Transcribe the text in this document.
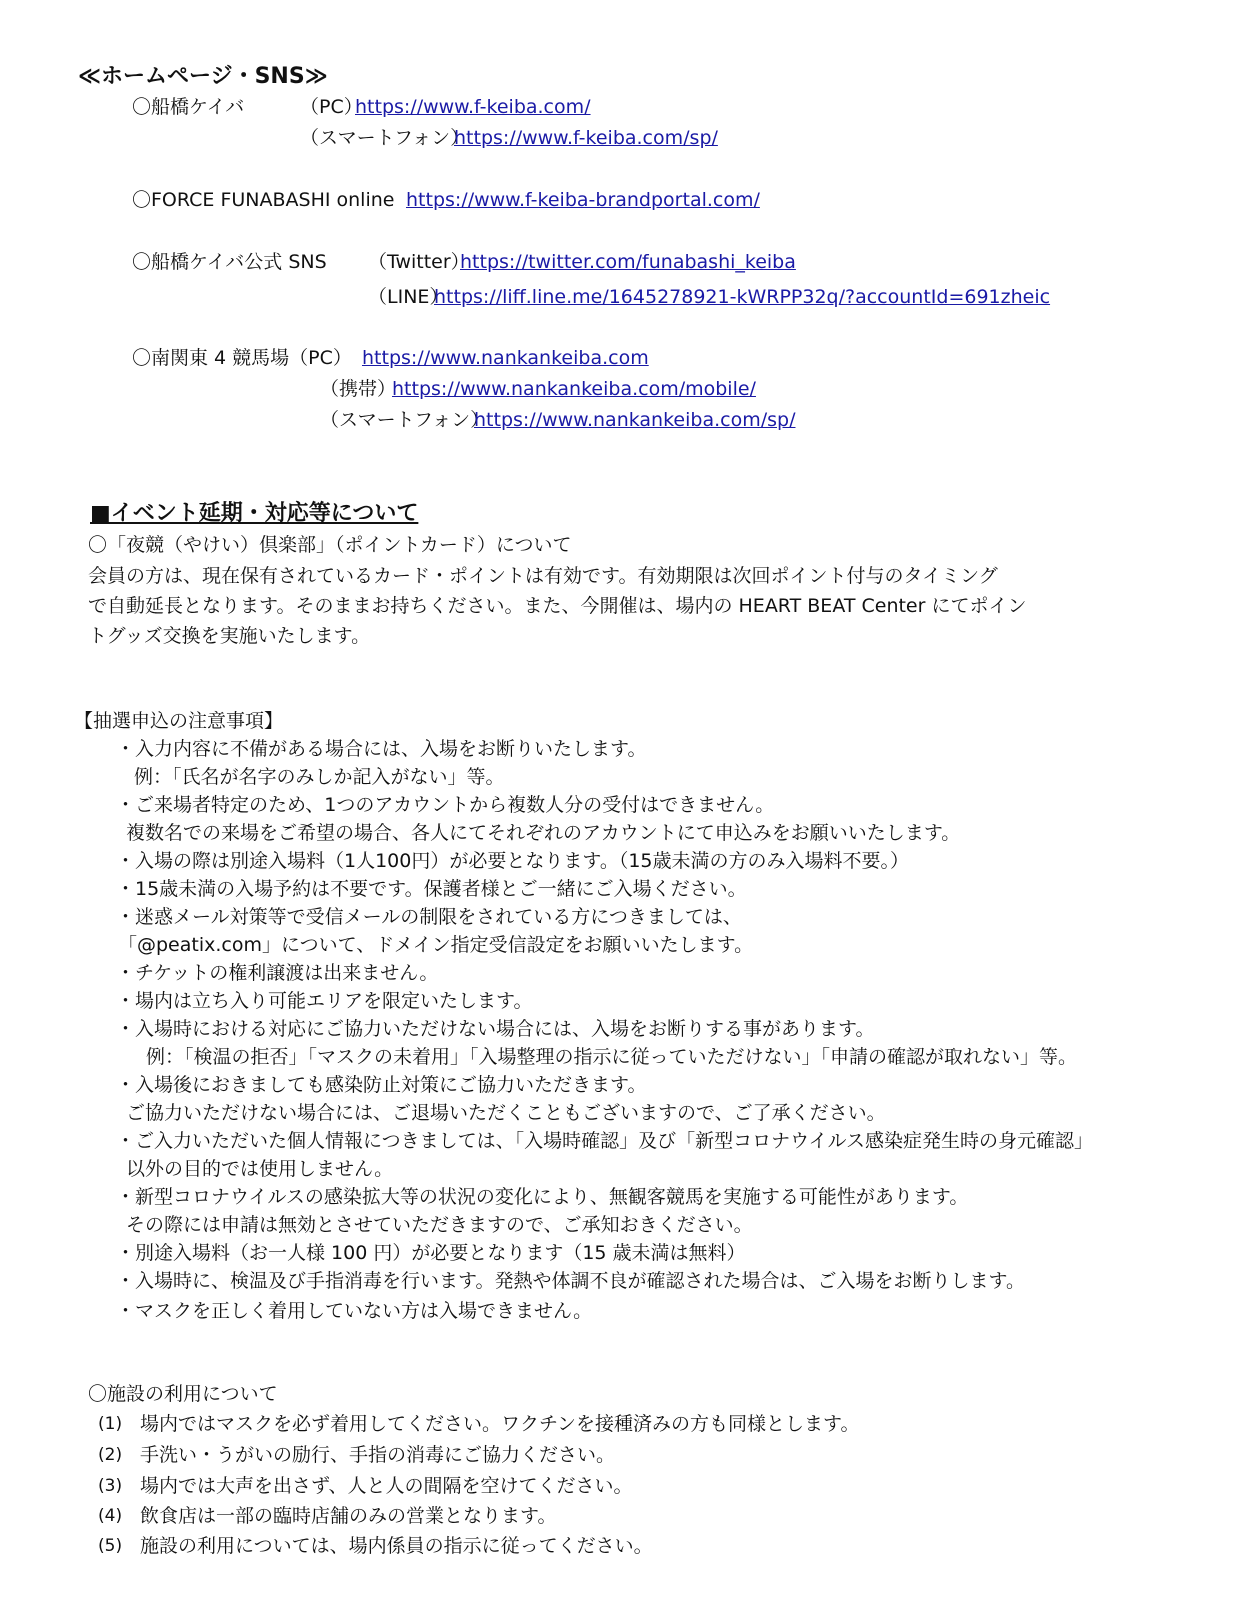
≪ホームページ・SNS≫
〇船橋ケイバ	（PC）
https://www.f-keiba.com/
（スマートフォン）
https://www.f-keiba.com/sp/
〇FORCE FUNABASHI online https://www.f-keiba-brandportal.com/
〇船橋ケイバ公式 SNS （Twitter）
https://twitter.com/funabashi_keiba
（LINE）
https://liff.line.me/1645278921-kWRPP32q/?accountId=691zheic
〇南関東 4 競馬場（PC） https://www.nankankeiba.com
（携帯）
https://www.nankankeiba.com/mobile/
（スマートフォン）
https://www.nankankeiba.com/sp/
■イベント延期・対応等について
〇「夜競（やけい）倶楽部」（ポイントカード）について
会員の方は、現在保有されているカード・ポイントは有効です。有効期限は次回ポイント付与のタイミング
で自動延長となります。そのままお持ちください。また、今開催は、場内の HEART BEAT Center にてポイン
トグッズ交換を実施いたします。
【抽選申込の注意事項】
・入力内容に不備がある場合には、入場をお断りいたします。
例：「氏名が名字のみしか記入がない」等。
・ご来場者特定のため、1つのアカウントから複数人分の受付はできません。
複数名での来場をご希望の場合、各人にてそれぞれのアカウントにて申込みをお願いいたします。
・入場の際は別途入場料（1人100円）が必要となります。（15歳未満の方のみ入場料不要。）
・15歳未満の入場予約は不要です。保護者様とご一緒にご入場ください。
・迷惑メール対策等で受信メールの制限をされている方につきましては、
「@peatix.com」について、ドメイン指定受信設定をお願いいたします。
・チケットの権利譲渡は出来ません。
・場内は立ち入り可能エリアを限定いたします。
・入場時における対応にご協力いただけない場合には、入場をお断りする事があります。
例：「検温の拒否」「マスクの未着用」「入場整理の指示に従っていただけない」「申請の確認が取れない」等。
・入場後におきましても感染防止対策にご協力いただきます。
ご協力いただけない場合には、ご退場いただくこともございますので、ご了承ください。
・ご入力いただいた個人情報につきましては、「入場時確認」及び「新型コロナウイルス感染症発生時の身元確認」
以外の目的では使用しません。
・新型コロナウイルスの感染拡大等の状況の変化により、無観客競馬を実施する可能性があります。
その際には申請は無効とさせていただきますので、ご承知おきください。
・別途入場料（お一人様 100 円）が必要となります（15 歳未満は無料）
・入場時に、検温及び手指消毒を行います。発熱や体調不良が確認された場合は、ご入場をお断りします。
・マスクを正しく着用していない方は入場できません。
〇施設の利用について
(1) 場内ではマスクを必ず着用してください。ワクチンを接種済みの方も同様とします。
(2) 手洗い・うがいの励行、手指の消毒にご協力ください。
(3) 場内では大声を出さず、人と人の間隔を空けてください。
(4) 飲食店は一部の臨時店舗のみの営業となります。
(5) 施設の利用については、場内係員の指示に従ってください。
